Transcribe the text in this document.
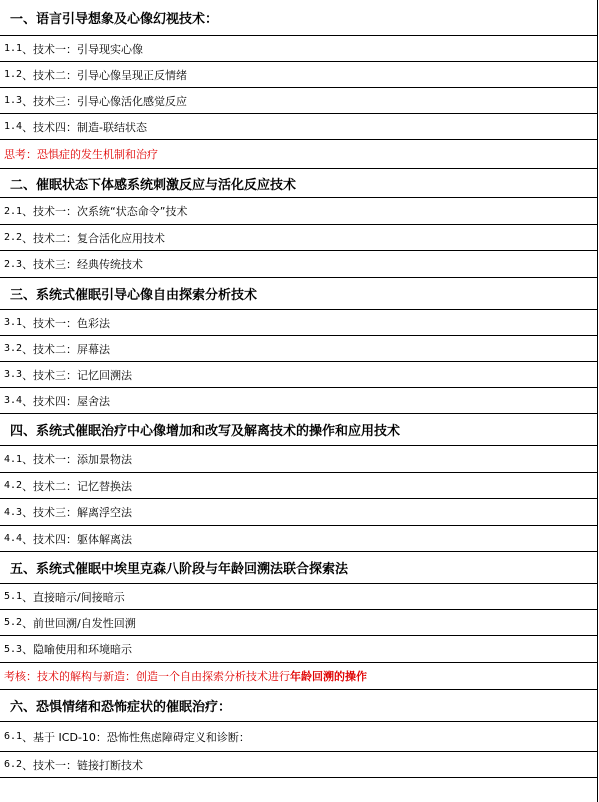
一、语言引导想象及心像幻视技术：
1.1 、技术一：引导现实心像
1.2 、技术二：引导心像呈现正反情绪
1.3 、技术三：引导心像活化感觉反应
1.4 、技术四：制造-联结状态
思考：恐惧症的发生机制和治疗
二、催眠状态下体感系统刺激反应与活化反应技术
2.1 、技术一：次系统“状态命令”技术
2.2 、技术二：复合活化应用技术
2.3 、技术三：经典传统技术
三、系统式催眠引导心像自由探索分析技术
3.1 、技术一：色彩法
3.2 、技术二：屏幕法
3.3 、技术三：记忆回溯法
3.4 、技术四：屋舍法
四、系统式催眠治疗中心像增加和改写及解离技术的操作和应用技术
4.1 、技术一：添加景物法
4.2 、技术二：记忆替换法
4.3 、技术三：解离浮空法
4.4 、技术四：躯体解离法
五、系统式催眠中埃里克森八阶段与年龄回溯法联合探索法
5.1 、直接暗示/间接暗示
5.2 、前世回溯/自发性回溯
5.3 、隐喻使用和环境暗示
考核：技术的解构与新造：创造一个自由探索分析技术进行 年龄回溯的操作
六、恐惧情绪和恐怖症状的催眠治疗：
6.1 、基于 ICD-10：恐怖性焦虑障碍定义和诊断：
6.2 、技术一：链接打断技术
